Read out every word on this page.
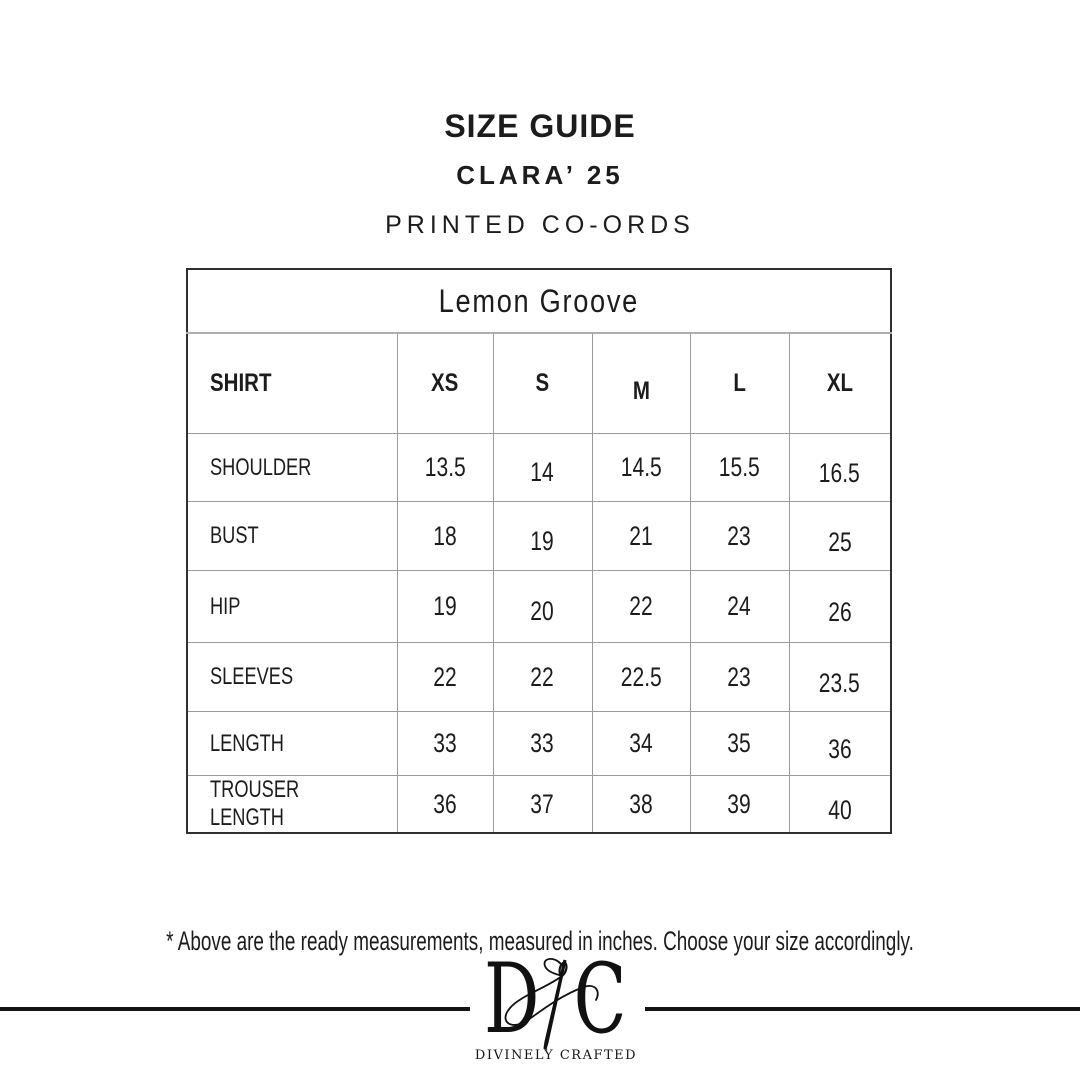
SIZE GUIDE
CLARA’ 25
PRINTED CO-ORDS
Lemon Groove					
SHIRT	XS	S	M	L	XL
SHOULDER	13.5	14	14.5	15.5	16.5
BUST	18	19	21	23	25
HIP	19	20	22	24	26
SLEEVES	22	22	22.5	23	23.5
LENGTH	33	33	34	35	36
TROUSER LENGTH	36	37	38	39	40

* Above are the ready measurements, measured in inches. Choose your size accordingly.

D C
DIVINELY CRAFTED
